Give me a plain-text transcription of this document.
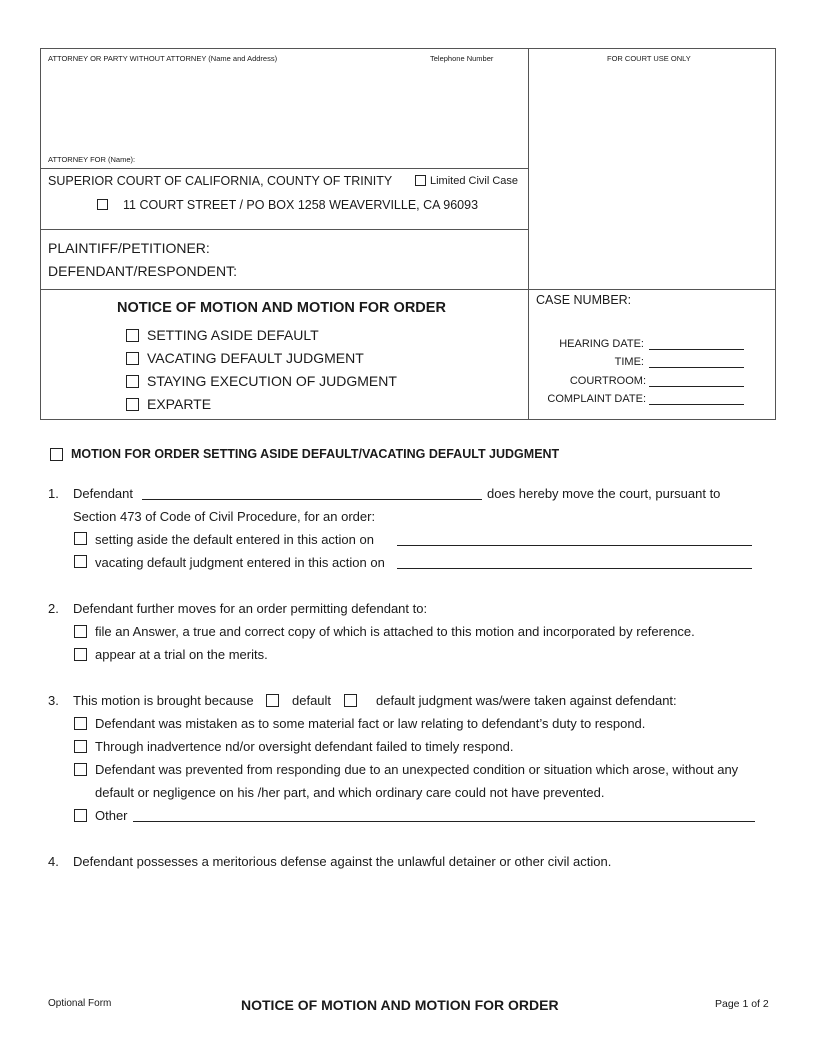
ATTORNEY OR PARTY WITHOUT ATTORNEY (Name and Address)	Telephone Number	FOR COURT USE ONLY
ATTORNEY FOR (Name):
SUPERIOR COURT OF CALIFORNIA, COUNTY OF TRINITY	Limited Civil Case
11 COURT STREET / PO BOX 1258 WEAVERVILLE, CA 96093
PLAINTIFF/PETITIONER:
DEFENDANT/RESPONDENT:
NOTICE OF MOTION AND MOTION FOR ORDER
SETTING ASIDE DEFAULT
VACATING DEFAULT JUDGMENT
STAYING EXECUTION OF JUDGMENT
EXPARTE
CASE NUMBER:
HEARING DATE:
TIME:
COURTROOM:
COMPLAINT DATE:
MOTION FOR ORDER SETTING ASIDE DEFAULT/VACATING DEFAULT JUDGMENT
1. Defendant	does hereby move the court, pursuant to
Section 473 of Code of Civil Procedure, for an order:
setting aside the default entered in this action on
vacating default judgment entered in this action on
2. Defendant further moves for an order permitting defendant to:
file an Answer, a true and correct copy of which is attached to this motion and incorporated by reference.
appear at a trial on the merits.
3. This motion is brought because	default	default judgment was/were taken against defendant:
Defendant was mistaken as to some material fact or law relating to defendant’s duty to respond.
Through inadvertence nd/or oversight defendant failed to timely respond.
Defendant was prevented from responding due to an unexpected condition or situation which arose, without any
default or negligence on his /her part, and which ordinary care could not have prevented.
Other
4. Defendant possesses a meritorious defense against the unlawful detainer or other civil action.
Optional Form	NOTICE OF MOTION AND MOTION FOR ORDER	Page 1 of 2
